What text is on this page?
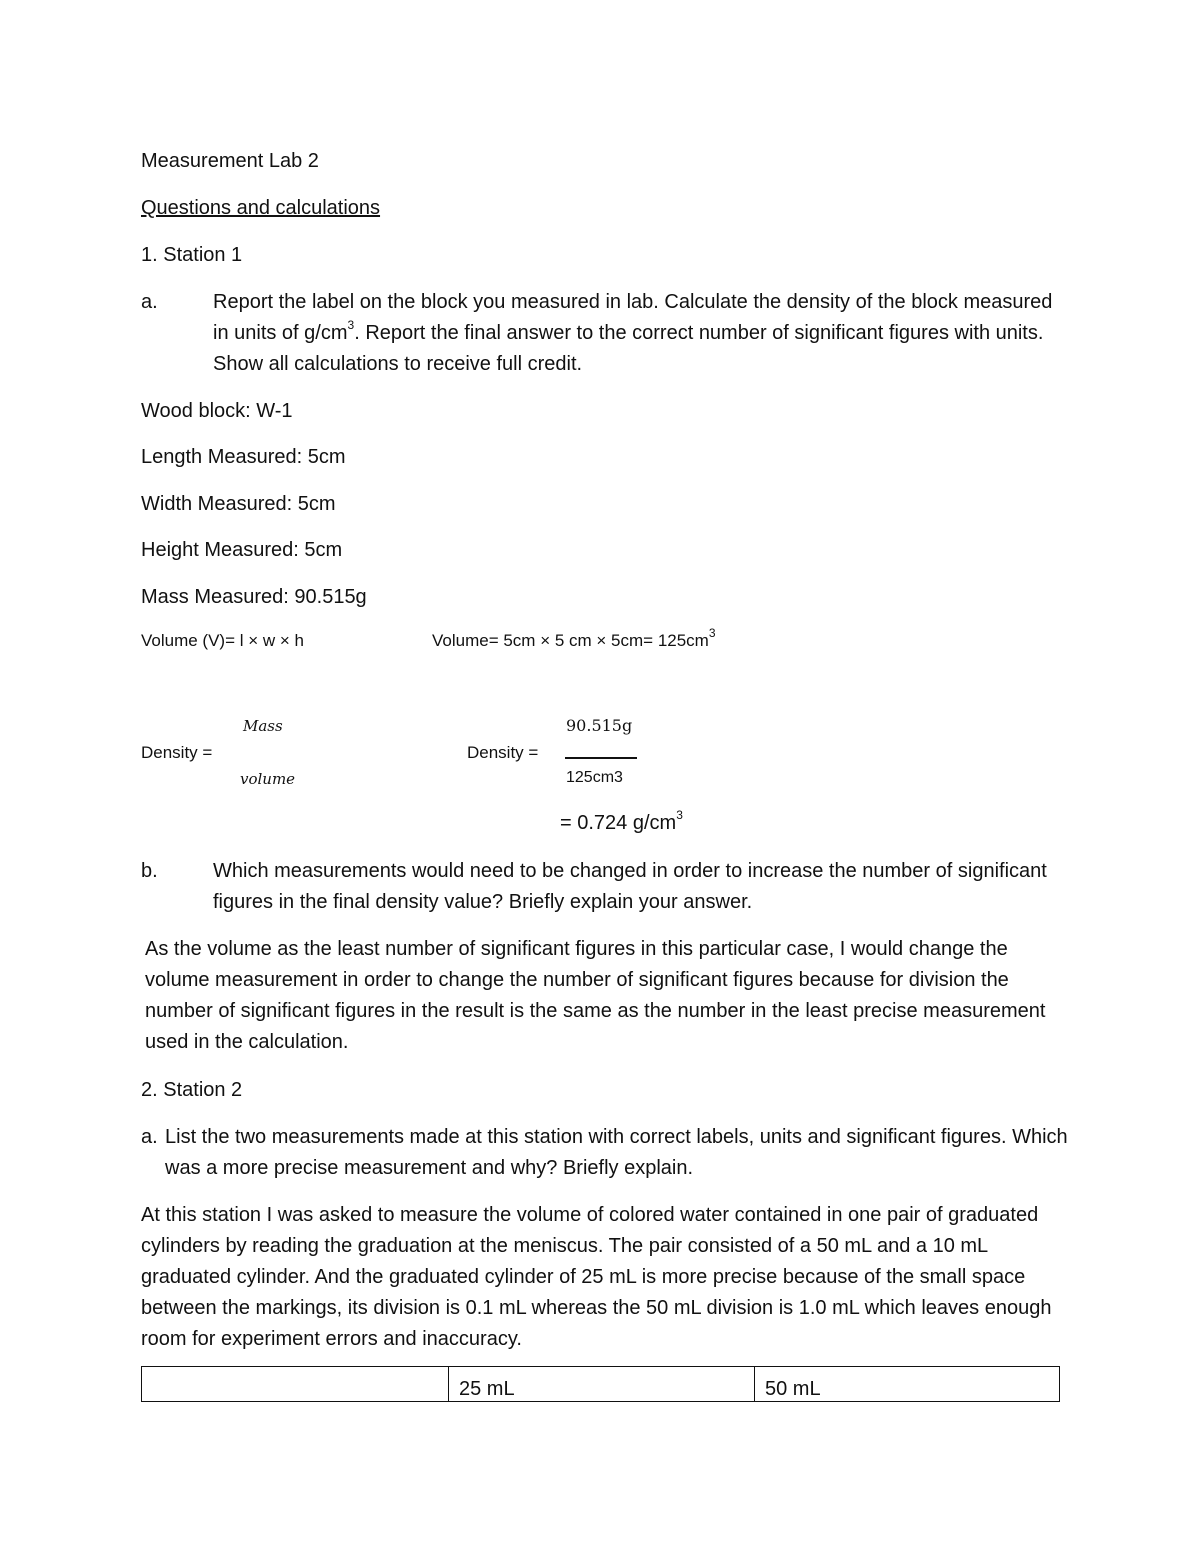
Measurement Lab 2
Questions and calculations
1. Station 1
a.	Report the label on the block you measured in lab. Calculate the density of the block measured in units of $g/cm^3$. Report the final answer to the correct number of significant figures with units. Show all calculations to receive full credit.
Wood block: W-1
Length Measured: 5cm
Width Measured: 5cm
Height Measured: 5cm
Mass Measured: 90.515g
Volume (V)= l × w × h	Volume= 5cm × 5 cm × $5cm= 125cm^3$
Mass
Density =
volume
90.515g
Density =
125cm3
= 0.724 $g/cm^3$
b.	Which measurements would need to be changed in order to increase the number of significant figures in the final density value? Briefly explain your answer.
As the volume as the least number of significant figures in this particular case, I would change the volume measurement in order to change the number of significant figures because for division the number of significant figures in the result is the same as the number in the least precise measurement used in the calculation.
2. Station 2
a. List the two measurements made at this station with correct labels, units and significant figures. Which was a more precise measurement and why? Briefly explain.
At this station I was asked to measure the volume of colored water contained in one pair of graduated cylinders by reading the graduation at the meniscus. The pair consisted of a 50 mL and a 10 mL graduated cylinder. And the graduated cylinder of 25 mL is more precise because of the small space between the markings, its division is 0.1 mL whereas the 50 mL division is 1.0 mL which leaves enough room for experiment errors and inaccuracy.
	25 mL	50 mL
